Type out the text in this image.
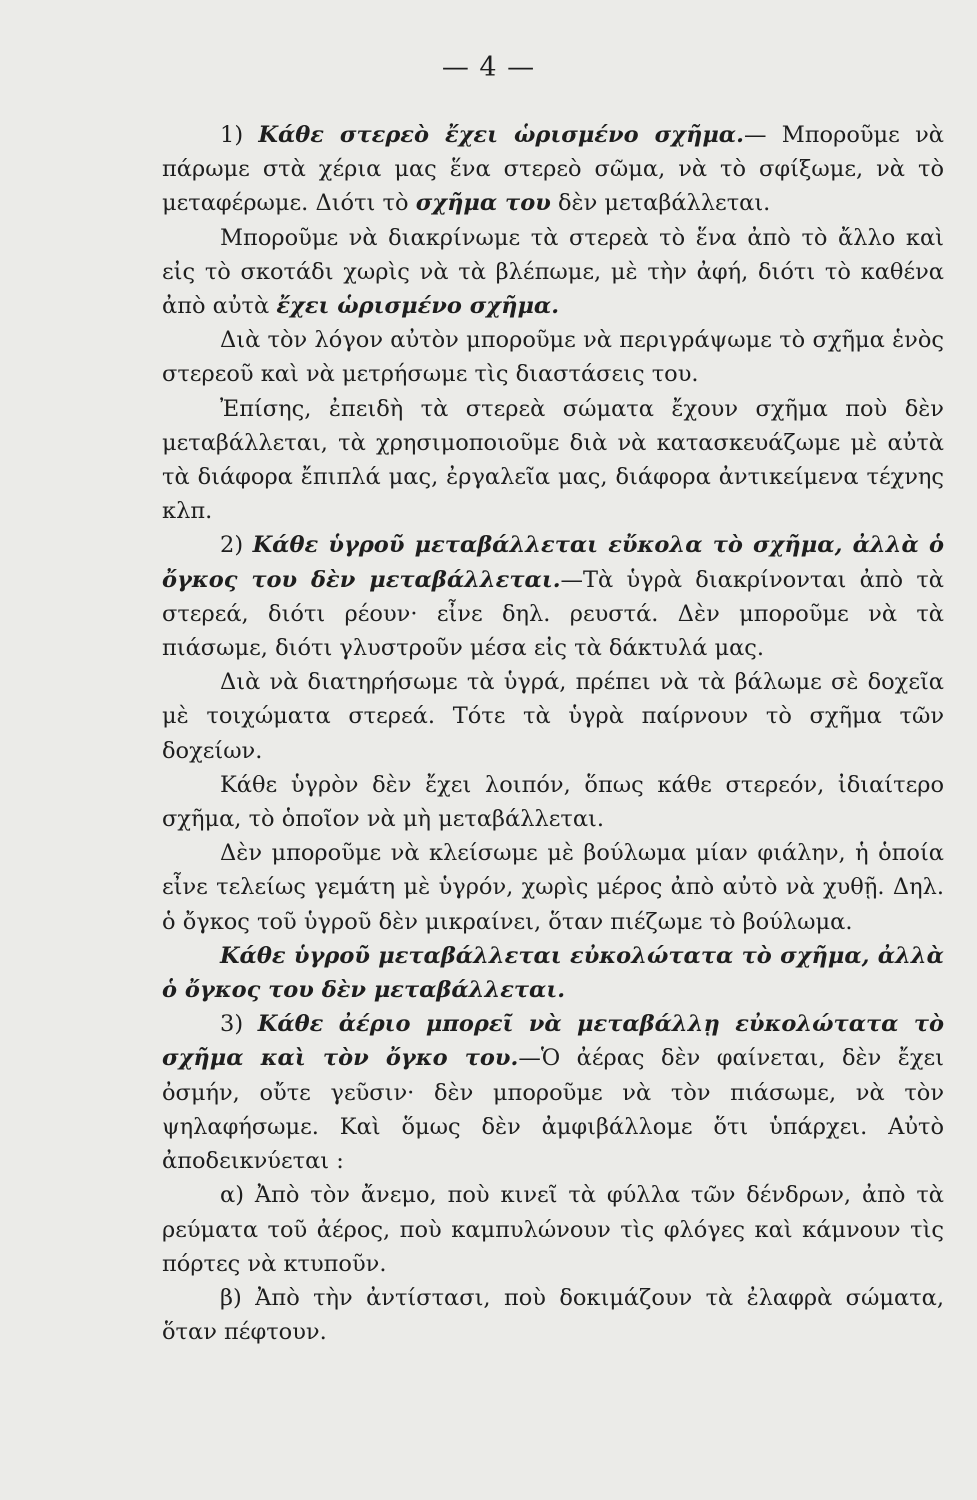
— 4 —

1) Κάθε στερεὸ ἔχει ὡρισμένο σχῆμα.— Μποροῦμε νὰ πάρωμε στὰ χέρια μας ἕνα στερεὸ σῶμα, νὰ τὸ σφίξωμε, νὰ τὸ μεταφέρωμε. Διότι τὸ σχῆμα του δὲν μεταβάλλεται.

Μποροῦμε νὰ διακρίνωμε τὰ στερεὰ τὸ ἕνα ἀπὸ τὸ ἄλλο καὶ εἰς τὸ σκοτάδι χωρὶς νὰ τὰ βλέπωμε, μὲ τὴν ἀφή, διότι τὸ καθένα ἀπὸ αὐτὰ ἔχει ὡρισμένο σχῆμα.

Διὰ τὸν λόγον αὐτὸν μποροῦμε νὰ περιγράψωμε τὸ σχῆμα ἑνὸς στερεοῦ καὶ νὰ μετρήσωμε τὶς διαστάσεις του.

Ἐπίσης, ἐπειδὴ τὰ στερεὰ σώματα ἔχουν σχῆμα ποὺ δὲν μεταβάλλεται, τὰ χρησιμοποιοῦμε διὰ νὰ κατασκευάζωμε μὲ αὐτὰ τὰ διάφορα ἔπιπλά μας, ἐργαλεῖα μας, διάφορα ἀντικείμενα τέχνης κλπ.

2) Κάθε ὑγροῦ μεταβάλλεται εὔκολα τὸ σχῆμα, ἀλλὰ ὁ ὄγκος του δὲν μεταβάλλεται.—Τὰ ὑγρὰ διακρίνονται ἀπὸ τὰ στερεά, διότι ρέουν· εἶνε δηλ. ρευστά. Δὲν μποροῦμε νὰ τὰ πιάσωμε, διότι γλυστροῦν μέσα εἰς τὰ δάκτυλά μας.

Διὰ νὰ διατηρήσωμε τὰ ὑγρά, πρέπει νὰ τὰ βάλωμε σὲ δοχεῖα μὲ τοιχώματα στερεά. Τότε τὰ ὑγρὰ παίρνουν τὸ σχῆμα τῶν δοχείων.

Κάθε ὑγρὸν δὲν ἔχει λοιπόν, ὅπως κάθε στερεόν, ἰδιαίτερο σχῆμα, τὸ ὁποῖον νὰ μὴ μεταβάλλεται.

Δὲν μποροῦμε νὰ κλείσωμε μὲ βούλωμα μίαν φιάλην, ἡ ὁποία εἶνε τελείως γεμάτη μὲ ὑγρόν, χωρὶς μέρος ἀπὸ αὐτὸ νὰ χυθῇ. Δηλ. ὁ ὄγκος τοῦ ὑγροῦ δὲν μικραίνει, ὅταν πιέζωμε τὸ βούλωμα.

Κάθε ὑγροῦ μεταβάλλεται εὐκολώτατα τὸ σχῆμα, ἀλλὰ ὁ ὄγκος του δὲν μεταβάλλεται.

3) Κάθε ἀέριο μπορεῖ νὰ μεταβάλλῃ εὐκολώτατα τὸ σχῆμα καὶ τὸν ὄγκο του.—Ὁ ἀέρας δὲν φαίνεται, δὲν ἔχει ὀσμήν, οὔτε γεῦσιν· δὲν μποροῦμε νὰ τὸν πιάσωμε, νὰ τὸν ψηλαφήσωμε. Καὶ ὅμως δὲν ἀμφιβάλλομε ὅτι ὑπάρχει. Αὐτὸ ἀποδεικνύεται :

α) Ἀπὸ τὸν ἄνεμο, ποὺ κινεῖ τὰ φύλλα τῶν δένδρων, ἀπὸ τὰ ρεύματα τοῦ ἀέρος, ποὺ καμπυλώνουν τὶς φλόγες καὶ κάμνουν τὶς πόρτες νὰ κτυποῦν.

β) Ἀπὸ τὴν ἀντίστασι, ποὺ δοκιμάζουν τὰ ἐλαφρὰ σώματα, ὅταν πέφτουν.
